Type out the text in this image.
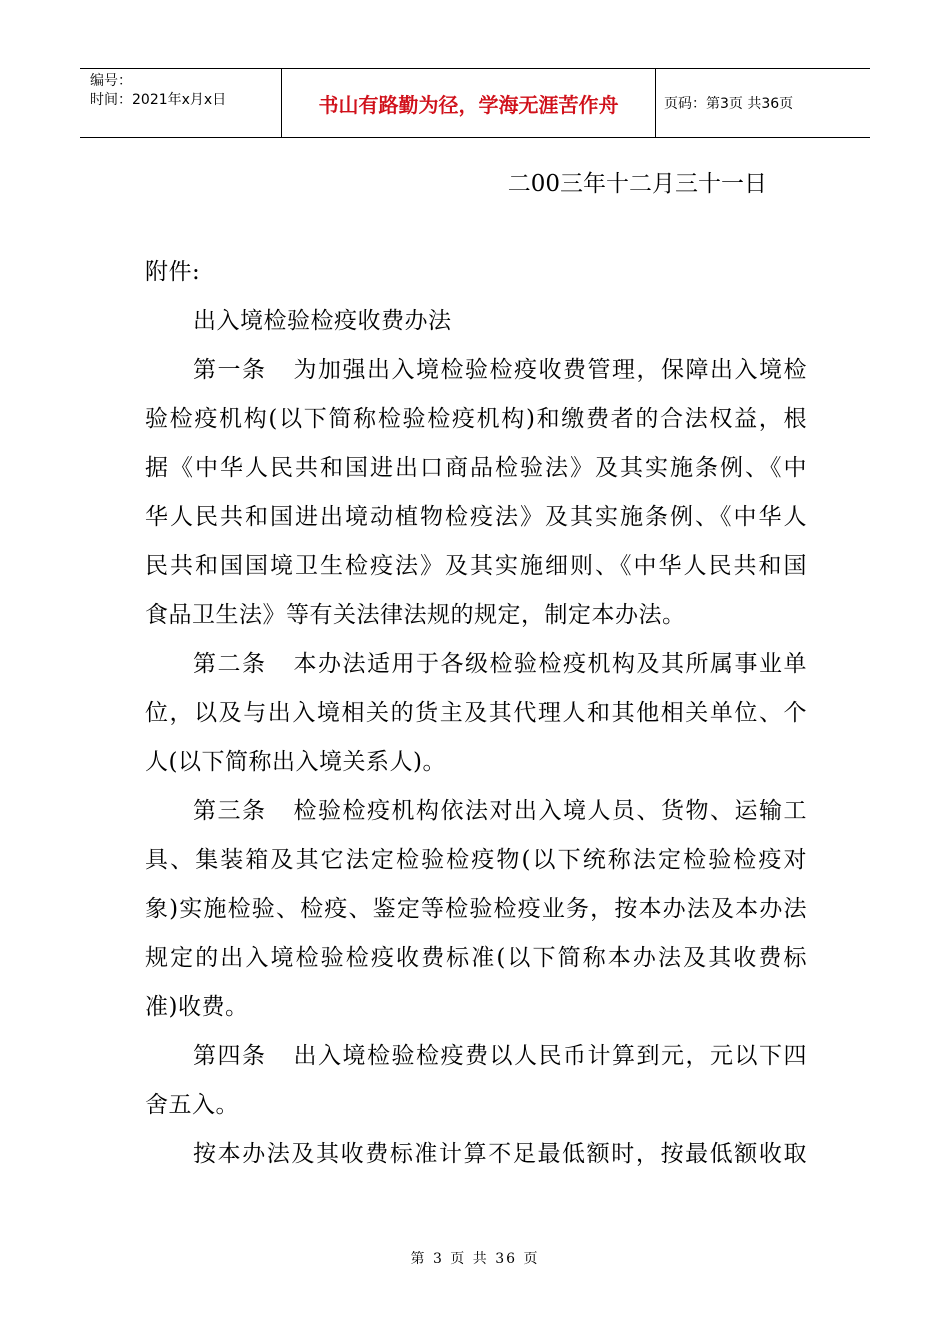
编号：
时间：2021年x月x日	书山有路勤为径，学海无涯苦作舟	页码：第3页 共36页

二00三年十二月三十一日

附件:

出入境检验检疫收费办法

第一条 为加强出入境检验检疫收费管理，保障出入境检
验检疫机构(以下简称检验检疫机构)和缴费者的合法权益，根
据《中华人民共和国进出口商品检验法》及其实施条例、《中
华人民共和国进出境动植物检疫法》及其实施条例、《中华人
民共和国国境卫生检疫法》及其实施细则、《中华人民共和国
食品卫生法》等有关法律法规的规定，制定本办法。
第二条 本办法适用于各级检验检疫机构及其所属事业单
位，以及与出入境相关的货主及其代理人和其他相关单位、个
人(以下简称出入境关系人)。
第三条 检验检疫机构依法对出入境人员、货物、运输工
具、集装箱及其它法定检验检疫物(以下统称法定检验检疫对
象)实施检验、检疫、鉴定等检验检疫业务，按本办法及本办法
规定的出入境检验检疫收费标准(以下简称本办法及其收费标
准)收费。
第四条 出入境检验检疫费以人民币计算到元，元以下四
舍五入。
按本办法及其收费标准计算不足最低额时，按最低额收取
第 3 页 共 36 页
